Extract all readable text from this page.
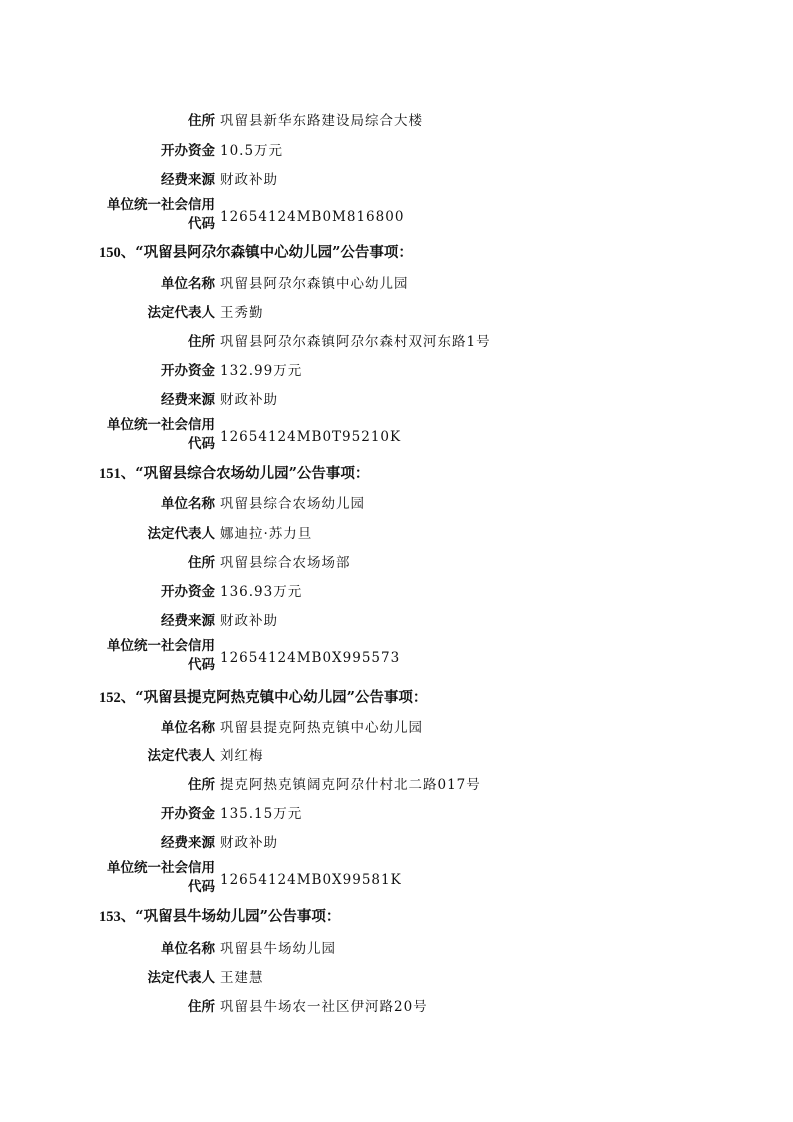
住所 巩留县新华东路建设局综合大楼
开办资金 10.5万元
经费来源 财政补助
单位统一社会信用
代码 12654124MB0M816800
150、“巩留县阿尕尔森镇中心幼儿园”公告事项：
单位名称 巩留县阿尕尔森镇中心幼儿园
法定代表人 王秀勤
住所 巩留县阿尕尔森镇阿尕尔森村双河东路1号
开办资金 132.99万元
经费来源 财政补助
单位统一社会信用
代码 12654124MB0T95210K
151、“巩留县综合农场幼儿园”公告事项：
单位名称 巩留县综合农场幼儿园
法定代表人 娜迪拉·苏力旦
住所 巩留县综合农场场部
开办资金 136.93万元
经费来源 财政补助
单位统一社会信用
代码 12654124MB0X995573
152、“巩留县提克阿热克镇中心幼儿园”公告事项：
单位名称 巩留县提克阿热克镇中心幼儿园
法定代表人 刘红梅
住所 提克阿热克镇阔克阿尕什村北二路017号
开办资金 135.15万元
经费来源 财政补助
单位统一社会信用
代码 12654124MB0X99581K
153、“巩留县牛场幼儿园”公告事项：
单位名称 巩留县牛场幼儿园
法定代表人 王建慧
住所 巩留县牛场农一社区伊河路20号
